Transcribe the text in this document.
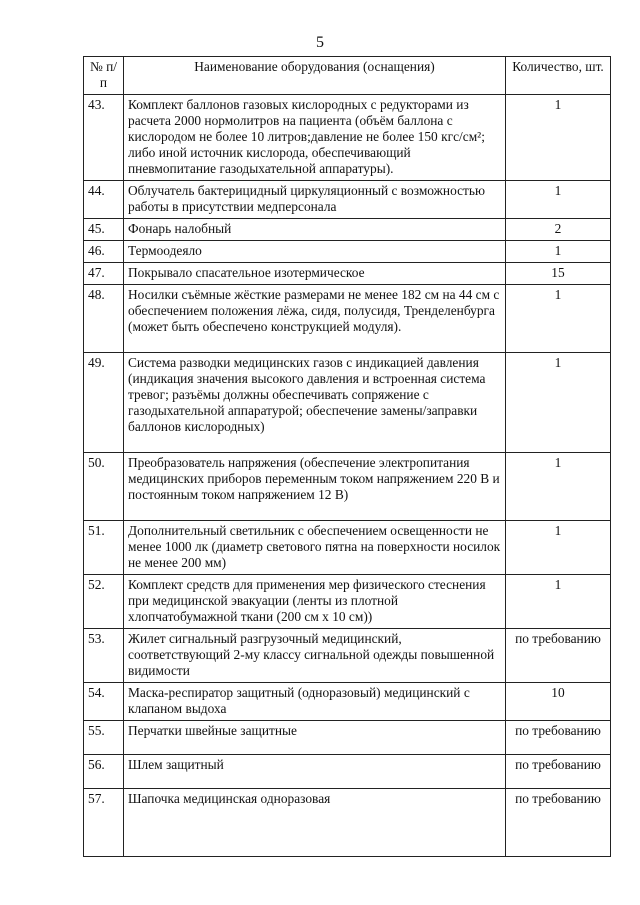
5
№ п/п	Наименование оборудования (оснащения)	Количество, шт.
43.	Комплект баллонов газовых кислородных с редукторами из расчета 2000 нормолитров на пациента (объём баллона с кислородом не более 10 литров;давление не более 150 кгс/см²; либо иной источник кислорода, обеспечивающий пневмопитание газодыхательной аппаратуры).	1
44.	Облучатель бактерицидный циркуляционный с возможностью работы в присутствии медперсонала	1
45.	Фонарь налобный	2
46.	Термоодеяло	1
47.	Покрывало спасательное изотермическое	15
48.	Носилки съёмные жёсткие размерами не менее 182 см на 44 см с обеспечением положения лёжа, сидя, полусидя, Тренделенбурга (может быть обеспечено конструкцией модуля).	1
49.	Система разводки медицинских газов с индикацией давления (индикация значения высокого давления и встроенная система тревог; разъёмы должны обеспечивать сопряжение с газодыхательной аппаратурой; обеспечение замены/заправки баллонов кислородных)	1
50.	Преобразователь напряжения (обеспечение электропитания медицинских приборов переменным током напряжением 220 В и постоянным током напряжением 12 В)	1
51.	Дополнительный светильник с обеспечением освещенности не менее 1000 лк (диаметр светового пятна на поверхности носилок не менее 200 мм)	1
52.	Комплект средств для применения мер физического стеснения при медицинской эвакуации (ленты из плотной хлопчатобумажной ткани (200 см х 10 см))	1
53.	Жилет сигнальный разгрузочный медицинский, соответствующий 2-му классу сигнальной одежды повышенной видимости	по требованию
54.	Маска-респиратор защитный (одноразовый) медицинский с клапаном выдоха	10
55.	Перчатки швейные защитные	по требованию
56.	Шлем защитный	по требованию
57.	Шапочка медицинская одноразовая	по требованию
